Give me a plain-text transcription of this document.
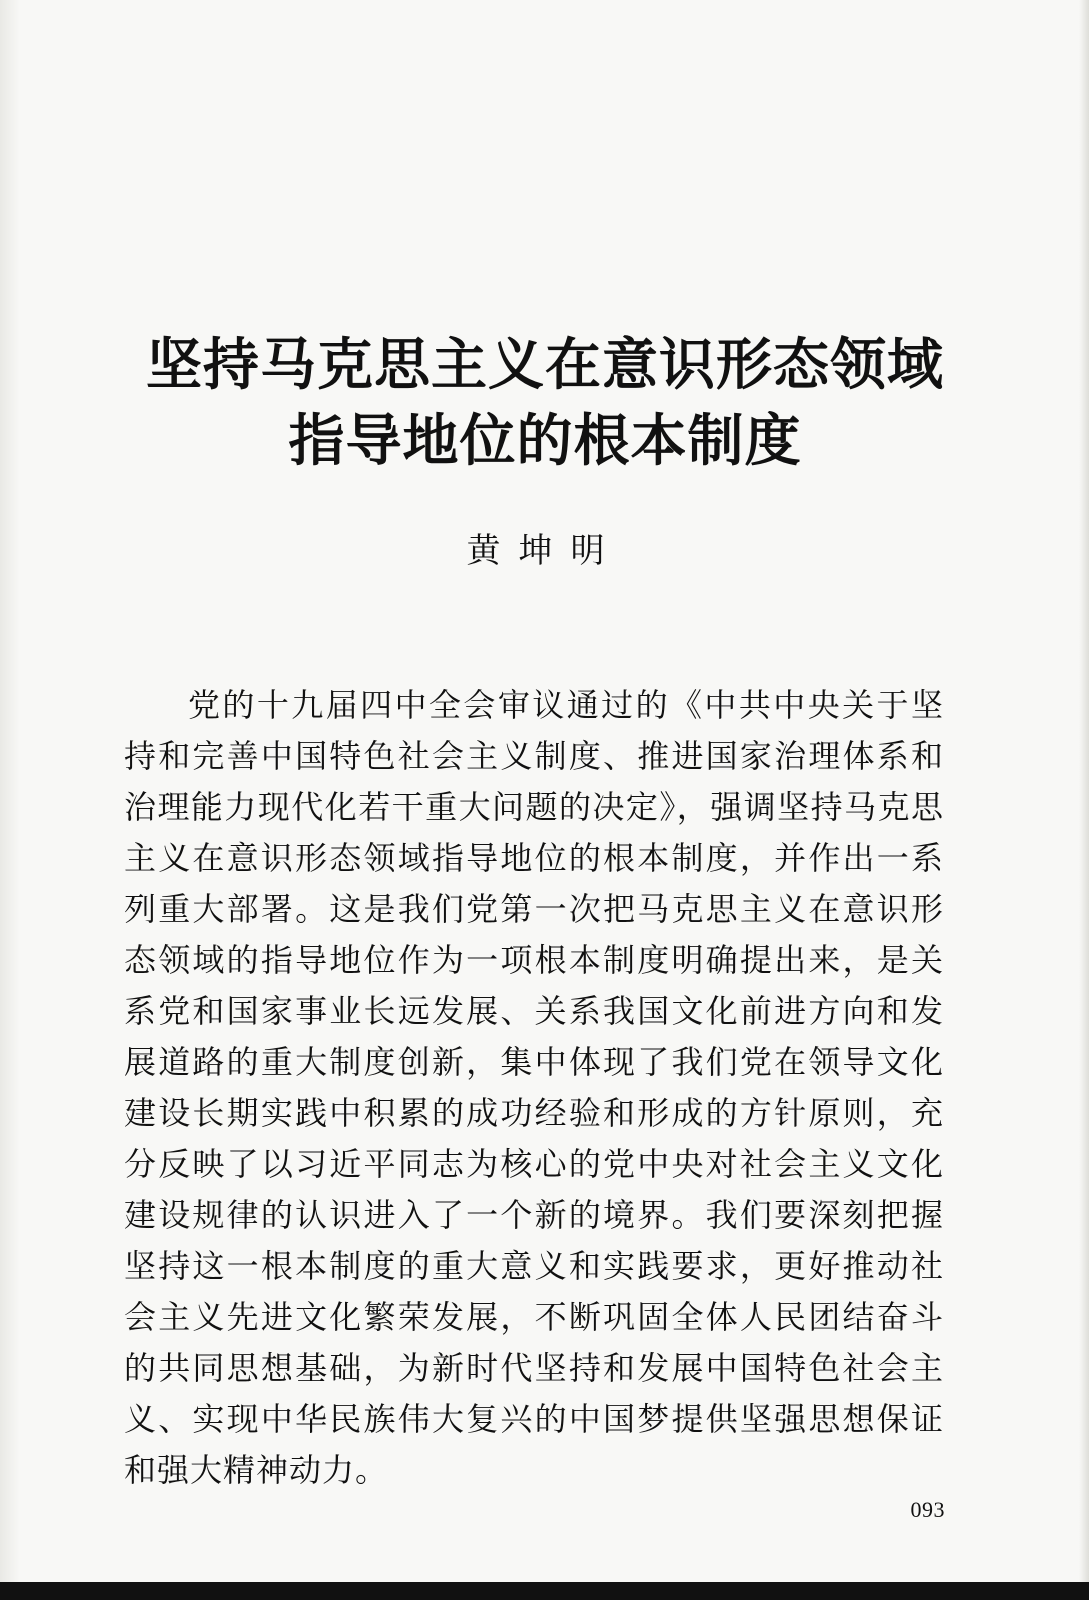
坚持马克思主义在意识形态领域
指导地位的根本制度
黄坤明
党的十九届四中全会审议通过的《中共中央关于坚持和完善中国特色社会主义制度、推进国家治理体系和治理能力现代化若干重大问题的决定》，强调坚持马克思主义在意识形态领域指导地位的根本制度，并作出一系列重大部署。这是我们党第一次把马克思主义在意识形态领域的指导地位作为一项根本制度明确提出来，是关系党和国家事业长远发展、关系我国文化前进方向和发展道路的重大制度创新，集中体现了我们党在领导文化建设长期实践中积累的成功经验和形成的方针原则，充分反映了以习近平同志为核心的党中央对社会主义文化建设规律的认识进入了一个新的境界。我们要深刻把握坚持这一根本制度的重大意义和实践要求，更好推动社会主义先进文化繁荣发展，不断巩固全体人民团结奋斗的共同思想基础，为新时代坚持和发展中国特色社会主义、实现中华民族伟大复兴的中国梦提供坚强思想保证和强大精神动力。
093
